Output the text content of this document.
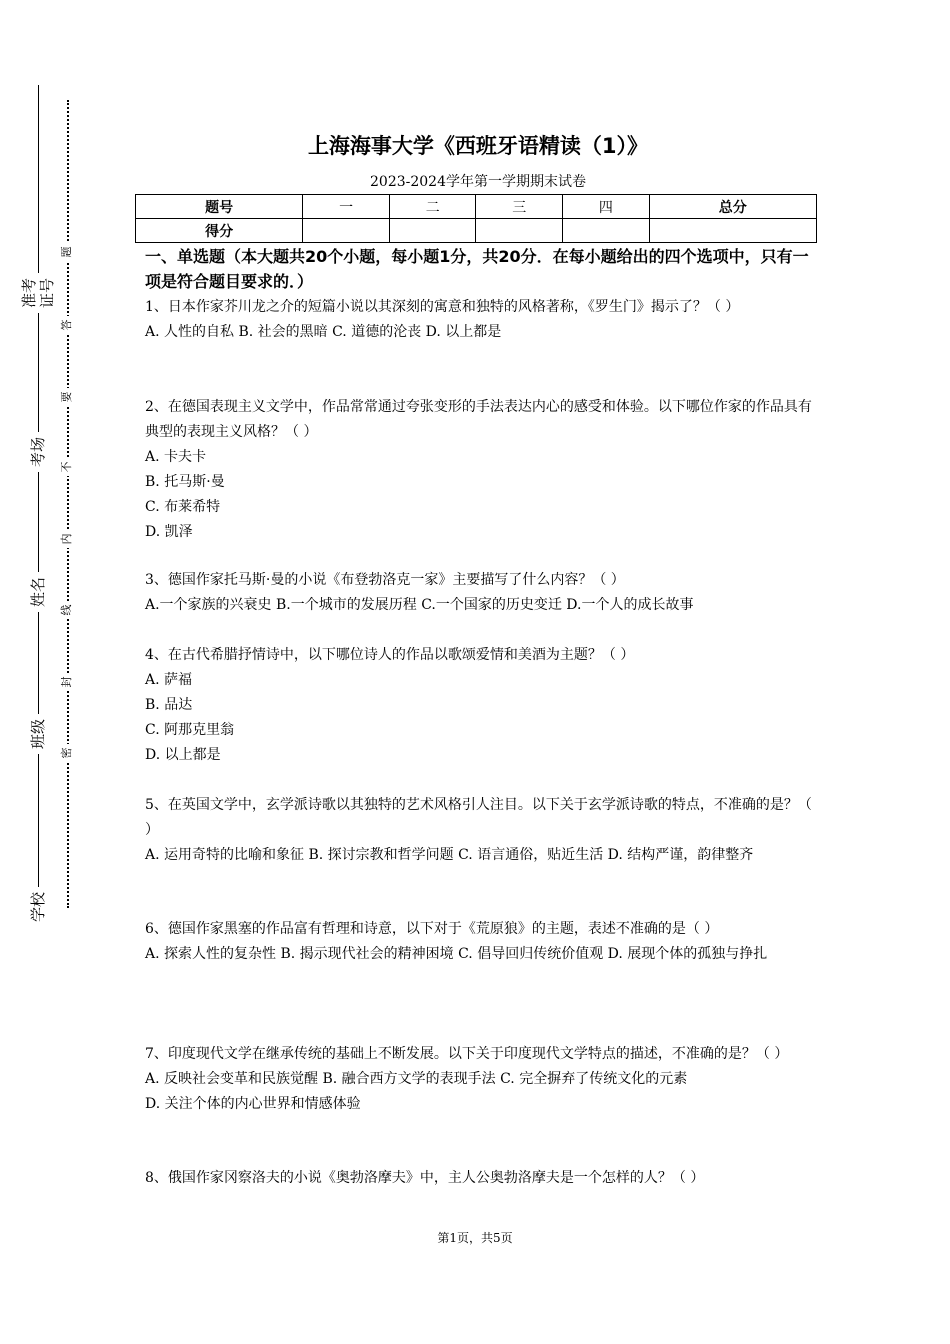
准考证号
考场
姓名
班级
学校
题
答
要
不
内
线
封
密
上海海事大学《西班牙语精读（1）》
2023-2024学年第一学期期末试卷
题号	一	二	三	四	总分
得分					
一、单选题（本大题共20个小题，每小题1分，共20分．在每小题给出的四个选项中，只有一项是符合题目要求的．）

1、日本作家芥川龙之介的短篇小说以其深刻的寓意和独特的风格著称，《罗生门》揭示了？（ ）

A. 人性的自私 B. 社会的黑暗 C. 道德的沦丧 D. 以上都是

2、在德国表现主义文学中，作品常常通过夸张变形的手法表达内心的感受和体验。以下哪位作家的作品具有典型的表现主义风格？（ ）

A. 卡夫卡

B. 托马斯·曼

C. 布莱希特

D. 凯泽

3、德国作家托马斯·曼的小说《布登勃洛克一家》主要描写了什么内容？（ ）

A.一个家族的兴衰史 B.一个城市的发展历程 C.一个国家的历史变迁 D.一个人的成长故事

4、在古代希腊抒情诗中，以下哪位诗人的作品以歌颂爱情和美酒为主题？（ ）

A. 萨福

B. 品达

C. 阿那克里翁

D. 以上都是

5、在英国文学中，玄学派诗歌以其独特的艺术风格引人注目。以下关于玄学派诗歌的特点，不准确的是？（ ）

A. 运用奇特的比喻和象征 B. 探讨宗教和哲学问题 C. 语言通俗，贴近生活 D. 结构严谨，韵律整齐

6、德国作家黑塞的作品富有哲理和诗意，以下对于《荒原狼》的主题，表述不准确的是（ ）

A. 探索人性的复杂性 B. 揭示现代社会的精神困境 C. 倡导回归传统价值观 D. 展现个体的孤独与挣扎

7、印度现代文学在继承传统的基础上不断发展。以下关于印度现代文学特点的描述，不准确的是？（ ）

A. 反映社会变革和民族觉醒 B. 融合西方文学的表现手法 C. 完全摒弃了传统文化的元素

D. 关注个体的内心世界和情感体验

8、俄国作家冈察洛夫的小说《奥勃洛摩夫》中，主人公奥勃洛摩夫是一个怎样的人？（ ）

第1页，共5页
